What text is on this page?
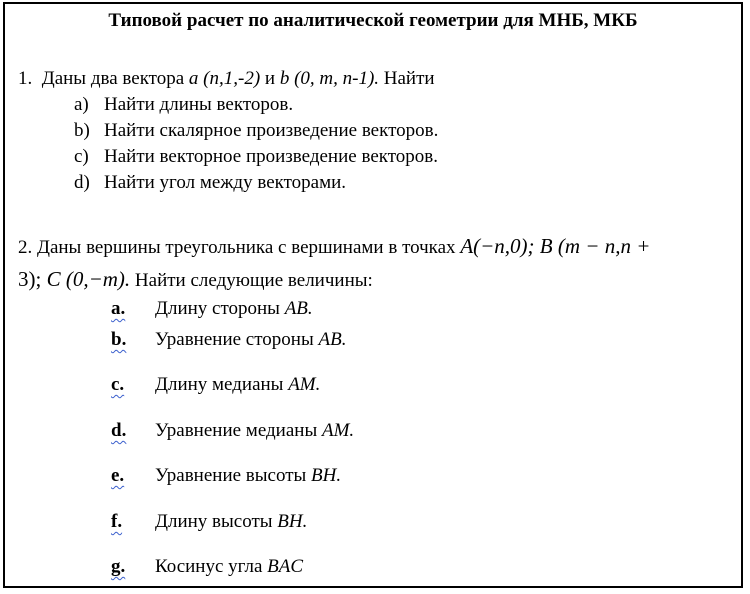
Типовой расчет по аналитической геометрии для МНБ, МКБ
1. Даны два вектора a (n,1,-2) и b (0, m, n-1). Найти
a) Найти длины векторов.
b) Найти скалярное произведение векторов.
c) Найти векторное произведение векторов.
d) Найти угол между векторами.
2. Даны вершины треугольника с вершинами в точках A(−n,0); B (m − n,n +
3); C (0,−m). Найти следующие величины:
a. Длину стороны AB.
b. Уравнение стороны AB.
c. Длину медианы AM.
d. Уравнение медианы AM.
e. Уравнение высоты BH.
f. Длину высоты BH.
g. Косинус угла BAC
